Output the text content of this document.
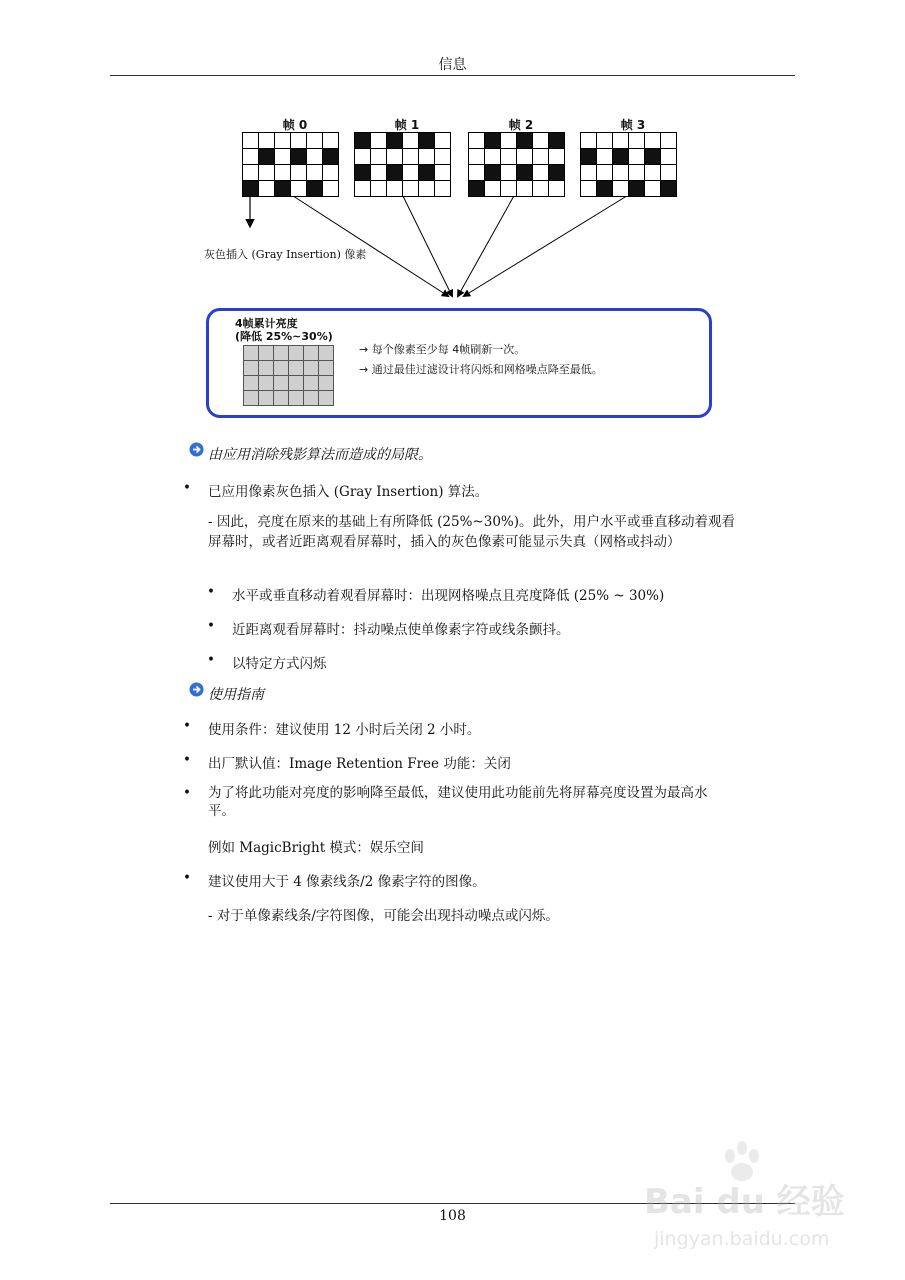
信息
帧 0	帧 1	帧 2	帧 3
灰色插入 (Gray Insertion) 像素
4帧累计亮度
(降低 25%~30%)
→ 每个像素至少每 4帧刷新一次。
→ 通过最佳过滤设计将闪烁和网格噪点降至最低。
由应用消除残影算法而造成的局限。
• 已应用像素灰色插入 (Gray Insertion) 算法。
- 因此，亮度在原来的基础上有所降低 (25%~30%)。此外，用户水平或垂直移动着观看屏幕时，或者近距离观看屏幕时，插入的灰色像素可能显示失真（网格或抖动）
• 水平或垂直移动着观看屏幕时：出现网格噪点且亮度降低 (25% ~ 30%)
• 近距离观看屏幕时：抖动噪点使单像素字符或线条颤抖。
• 以特定方式闪烁
使用指南
• 使用条件：建议使用 12 小时后关闭 2 小时。
• 出厂默认值：Image Retention Free 功能：关闭
• 为了将此功能对亮度的影响降至最低，建议使用此功能前先将屏幕亮度设置为最高水平。
例如 MagicBright 模式：娱乐空间
• 建议使用大于 4 像素线条/2 像素字符的图像。
- 对于单像素线条/字符图像，可能会出现抖动噪点或闪烁。
108	Bai du 经验
jingyan.baidu.com
